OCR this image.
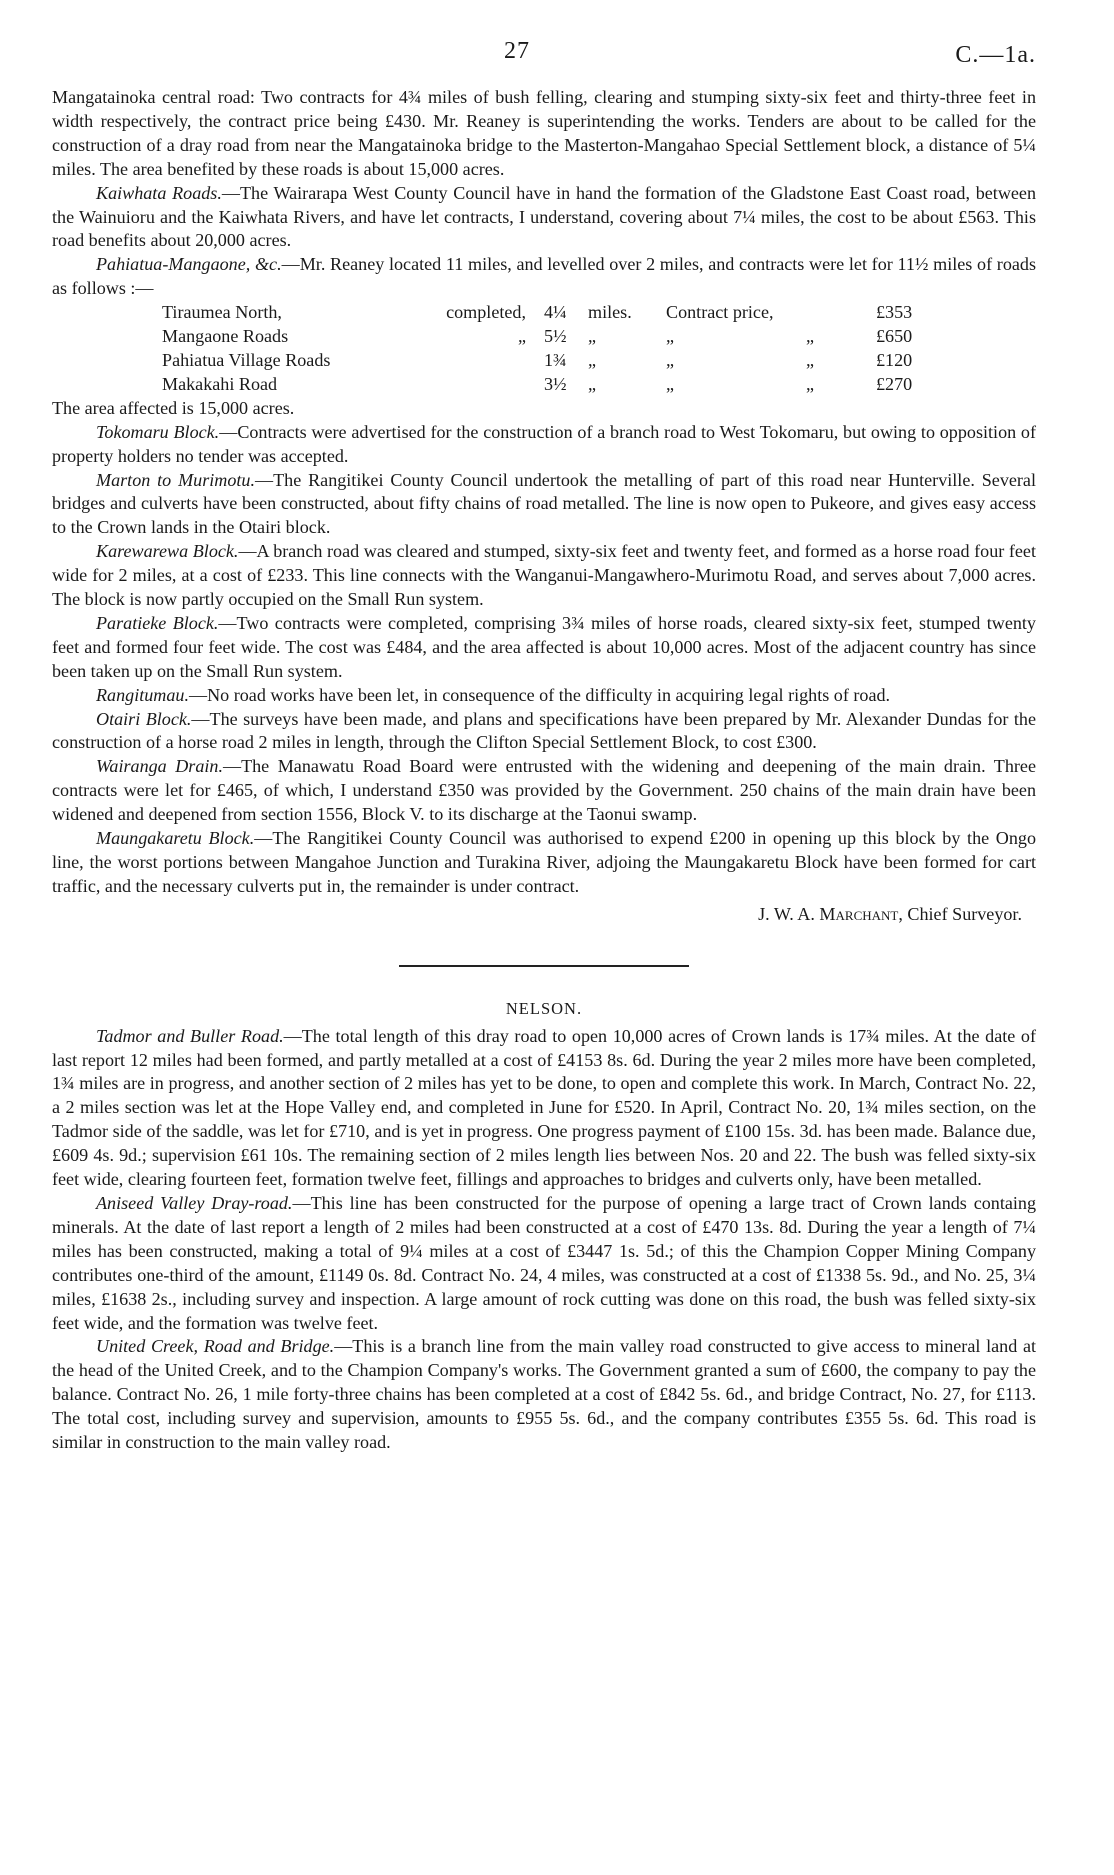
27	C.—1a.

Mangatainoka central road: Two contracts for 4¾ miles of bush felling, clearing and stumping sixty-six feet and thirty-three feet in width respectively, the contract price being £430. Mr. Reaney is superintending the works. Tenders are about to be called for the construction of a dray road from near the Mangatainoka bridge to the Masterton-Mangahao Special Settlement block, a distance of 5¼ miles. The area benefited by these roads is about 15,000 acres.

Kaiwhata Roads.—The Wairarapa West County Council have in hand the formation of the Gladstone East Coast road, between the Wainuioru and the Kaiwhata Rivers, and have let contracts, I understand, covering about 7¼ miles, the cost to be about £563. This road benefits about 20,000 acres.

Pahiatua-Mangaone, &c.—Mr. Reaney located 11 miles, and levelled over 2 miles, and contracts were let for 11½ miles of roads as follows :—

Tiraumea North,	completed,	4¼	miles.	Contract price,		£353
Mangaone Roads	„	5½	„	„	„	£650
Pahiatua Village Roads		1¾	„	„	„	£120
Makakahi Road		3½	„	„	„	£270

The area affected is 15,000 acres.

Tokomaru Block.—Contracts were advertised for the construction of a branch road to West Tokomaru, but owing to opposition of property holders no tender was accepted.

Marton to Murimotu.—The Rangitikei County Council undertook the metalling of part of this road near Hunterville. Several bridges and culverts have been constructed, about fifty chains of road metalled. The line is now open to Pukeore, and gives easy access to the Crown lands in the Otairi block.

Karewarewa Block.—A branch road was cleared and stumped, sixty-six feet and twenty feet, and formed as a horse road four feet wide for 2 miles, at a cost of £233. This line connects with the Wanganui-Mangawhero-Murimotu Road, and serves about 7,000 acres. The block is now partly occupied on the Small Run system.

Paratieke Block.—Two contracts were completed, comprising 3¾ miles of horse roads, cleared sixty-six feet, stumped twenty feet and formed four feet wide. The cost was £484, and the area affected is about 10,000 acres. Most of the adjacent country has since been taken up on the Small Run system.

Rangitumau.—No road works have been let, in consequence of the difficulty in acquiring legal rights of road.

Otairi Block.—The surveys have been made, and plans and specifications have been prepared by Mr. Alexander Dundas for the construction of a horse road 2 miles in length, through the Clifton Special Settlement Block, to cost £300.

Wairanga Drain.—The Manawatu Road Board were entrusted with the widening and deepening of the main drain. Three contracts were let for £465, of which, I understand £350 was provided by the Government. 250 chains of the main drain have been widened and deepened from section 1556, Block V. to its discharge at the Taonui swamp.

Maungakaretu Block.—The Rangitikei County Council was authorised to expend £200 in opening up this block by the Ongo line, the worst portions between Mangahoe Junction and Turakina River, adjoing the Maungakaretu Block have been formed for cart traffic, and the necessary culverts put in, the remainder is under contract.

J. W. A. Marchant, Chief Surveyor.

NELSON.

Tadmor and Buller Road.—The total length of this dray road to open 10,000 acres of Crown lands is 17¾ miles. At the date of last report 12 miles had been formed, and partly metalled at a cost of £4153 8s. 6d. During the year 2 miles more have been completed, 1¾ miles are in progress, and another section of 2 miles has yet to be done, to open and complete this work. In March, Contract No. 22, a 2 miles section was let at the Hope Valley end, and completed in June for £520. In April, Contract No. 20, 1¾ miles section, on the Tadmor side of the saddle, was let for £710, and is yet in progress. One progress payment of £100 15s. 3d. has been made. Balance due, £609 4s. 9d.; supervision £61 10s. The remaining section of 2 miles length lies between Nos. 20 and 22. The bush was felled sixty-six feet wide, clearing fourteen feet, formation twelve feet, fillings and approaches to bridges and culverts only, have been metalled.

Aniseed Valley Dray-road.—This line has been constructed for the purpose of opening a large tract of Crown lands containg minerals. At the date of last report a length of 2 miles had been constructed at a cost of £470 13s. 8d. During the year a length of 7¼ miles has been constructed, making a total of 9¼ miles at a cost of £3447 1s. 5d.; of this the Champion Copper Mining Company contributes one-third of the amount, £1149 0s. 8d. Contract No. 24, 4 miles, was constructed at a cost of £1338 5s. 9d., and No. 25, 3¼ miles, £1638 2s., including survey and inspection. A large amount of rock cutting was done on this road, the bush was felled sixty-six feet wide, and the formation was twelve feet.

United Creek, Road and Bridge.—This is a branch line from the main valley road constructed to give access to mineral land at the head of the United Creek, and to the Champion Company's works. The Government granted a sum of £600, the company to pay the balance. Contract No. 26, 1 mile forty-three chains has been completed at a cost of £842 5s. 6d., and bridge Contract, No. 27, for £113. The total cost, including survey and supervision, amounts to £955 5s. 6d., and the company contributes £355 5s. 6d. This road is similar in construction to the main valley road.
